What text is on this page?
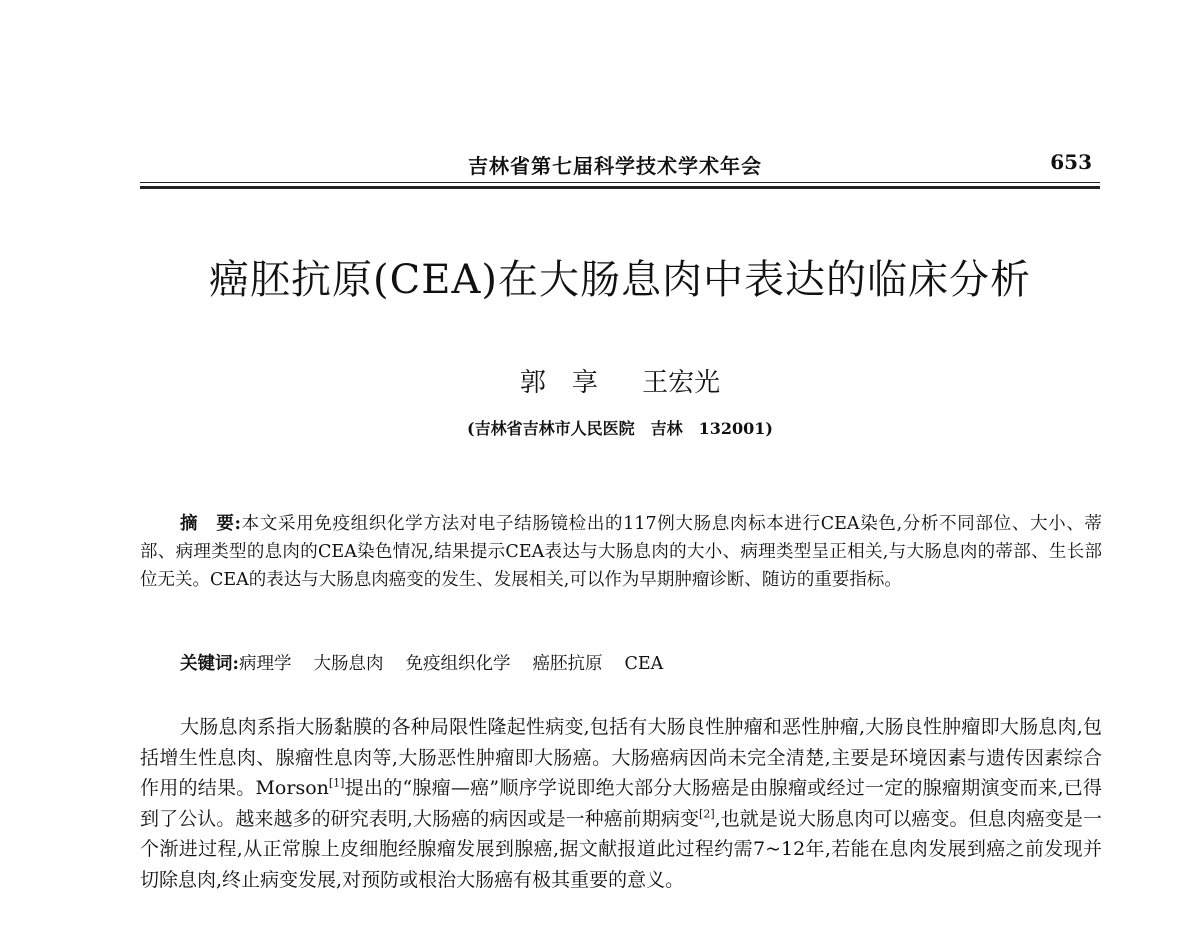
吉林省第七届科学技术学术年会	653
癌胚抗原(CEA)在大肠息肉中表达的临床分析
郭　享 王宏光
(吉林省吉林市人民医院　吉林　132001)

摘　要:本文采用免疫组织化学方法对电子结肠镜检出的117例大肠息肉标本进行CEA染色,分析不同部位、大小、蒂部、病理类型的息肉的CEA染色情况,结果提示CEA表达与大肠息肉的大小、病理类型呈正相关,与大肠息肉的蒂部、生长部位无关。CEA的表达与大肠息肉癌变的发生、发展相关,可以作为早期肿瘤诊断、随访的重要指标。

关键词:病理学 大肠息肉 免疫组织化学 癌胚抗原 CEA

大肠息肉系指大肠黏膜的各种局限性隆起性病变,包括有大肠良性肿瘤和恶性肿瘤,大肠良性肿瘤即大肠息肉,包括增生性息肉、腺瘤性息肉等,大肠恶性肿瘤即大肠癌。大肠癌病因尚未完全清楚,主要是环境因素与遗传因素综合作用的结果。Morson[1]提出的“腺瘤—癌”顺序学说即绝大部分大肠癌是由腺瘤或经过一定的腺瘤期演变而来,已得到了公认。越来越多的研究表明,大肠癌的病因或是一种癌前期病变[2],也就是说大肠息肉可以癌变。但息肉癌变是一个渐进过程,从正常腺上皮细胞经腺瘤发展到腺癌,据文献报道此过程约需7~12年,若能在息肉发展到癌之前发现并切除息肉,终止病变发展,对预防或根治大肠癌有极其重要的意义。
